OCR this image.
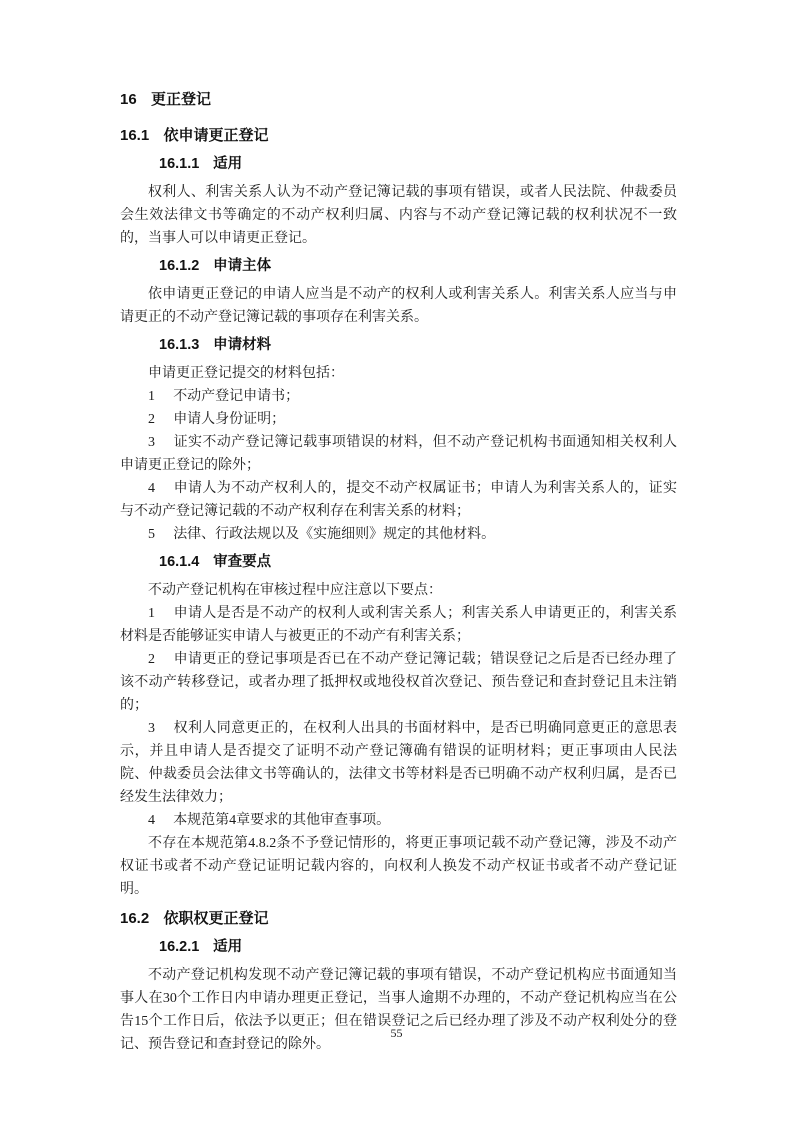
16 更正登记
16.1 依申请更正登记
16.1.1 适用

权利人、利害关系人认为不动产登记簿记载的事项有错误，或者人民法院、仲裁委员会生效法律文书等确定的不动产权利归属、内容与不动产登记簿记载的权利状况不一致的，当事人可以申请更正登记。

16.1.2 申请主体

依申请更正登记的申请人应当是不动产的权利人或利害关系人。利害关系人应当与申请更正的不动产登记簿记载的事项存在利害关系。

16.1.3 申请材料

申请更正登记提交的材料包括：

1 不动产登记申请书；

2 申请人身份证明；

3 证实不动产登记簿记载事项错误的材料，但不动产登记机构书面通知相关权利人申请更正登记的除外；

4 申请人为不动产权利人的，提交不动产权属证书；申请人为利害关系人的，证实与不动产登记簿记载的不动产权利存在利害关系的材料；

5 法律、行政法规以及《实施细则》规定的其他材料。

16.1.4 审查要点

不动产登记机构在审核过程中应注意以下要点：

1 申请人是否是不动产的权利人或利害关系人；利害关系人申请更正的，利害关系材料是否能够证实申请人与被更正的不动产有利害关系；

2 申请更正的登记事项是否已在不动产登记簿记载；错误登记之后是否已经办理了该不动产转移登记，或者办理了抵押权或地役权首次登记、预告登记和查封登记且未注销的；

3 权利人同意更正的，在权利人出具的书面材料中，是否已明确同意更正的意思表示，并且申请人是否提交了证明不动产登记簿确有错误的证明材料；更正事项由人民法院、仲裁委员会法律文书等确认的，法律文书等材料是否已明确不动产权利归属，是否已经发生法律效力；

4 本规范第4章要求的其他审查事项。

不存在本规范第4.8.2条不予登记情形的，将更正事项记载不动产登记簿，涉及不动产权证书或者不动产登记证明记载内容的，向权利人换发不动产权证书或者不动产登记证明。

16.2 依职权更正登记
16.2.1 适用

不动产登记机构发现不动产登记簿记载的事项有错误，不动产登记机构应书面通知当事人在30个工作日内申请办理更正登记，当事人逾期不办理的，不动产登记机构应当在公告15个工作日后，依法予以更正；但在错误登记之后已经办理了涉及不动产权利处分的登记、预告登记和查封登记的除外。

55
